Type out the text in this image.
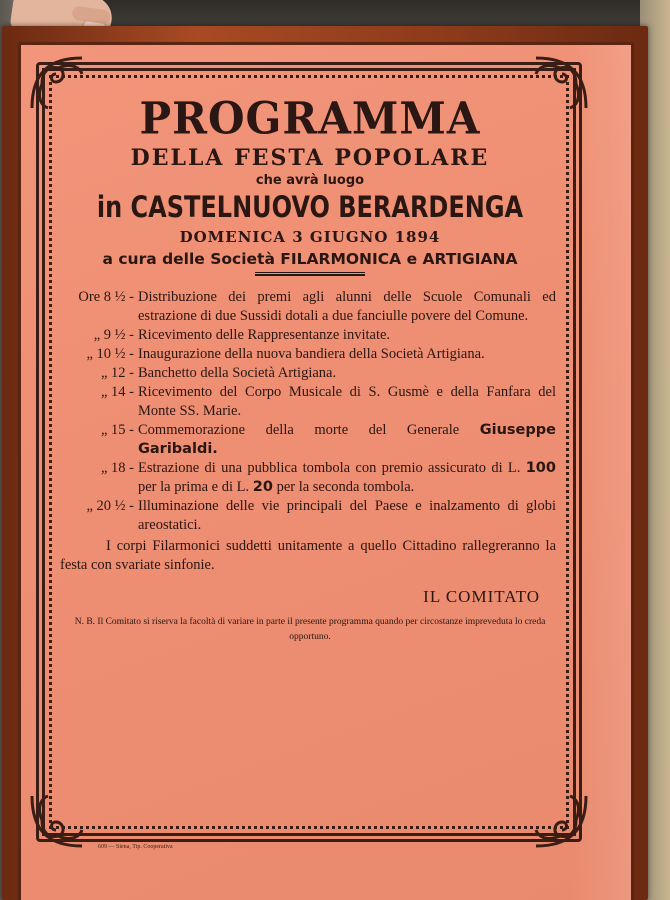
PROGRAMMA
DELLA FESTA POPOLARE
che avrà luogo
in CASTELNUOVO BERARDENGA
DOMENICA 3 GIUGNO 1894
a cura delle Società FILARMONICA e ARTIGIANA
Ore 8 ½ - Distribuzione dei premi agli alunni delle Scuole Comunali ed estrazione di due Sussidi dotali a due fanciulle povere del Comune.
„ 9 ½ - Ricevimento delle Rappresentanze invitate.
„ 10 ½ - Inaugurazione della nuova bandiera della Società Artigiana.
„ 12 - Banchetto della Società Artigiana.
„ 14 - Ricevimento del Corpo Musicale di S. Gusmè e della Fanfara del Monte SS. Marie.
„ 15 - Commemorazione della morte del Generale Giuseppe Garibaldi.
„ 18 - Estrazione di una pubblica tombola con premio assicurato di L. 100 per la prima e di L. 20 per la seconda tombola.
„ 20 ½ - Illuminazione delle vie principali del Paese e inalzamento di globi areostatici.
I corpi Filarmonici suddetti unitamente a quello Cittadino rallegreranno la festa con svariate sinfonie.
IL COMITATO
N. B. Il Comitato si riserva la facoltà di variare in parte il presente programma quando per circostanze impreveduta lo creda opportuno.
609 — Siena, Tip. Cooperativa
